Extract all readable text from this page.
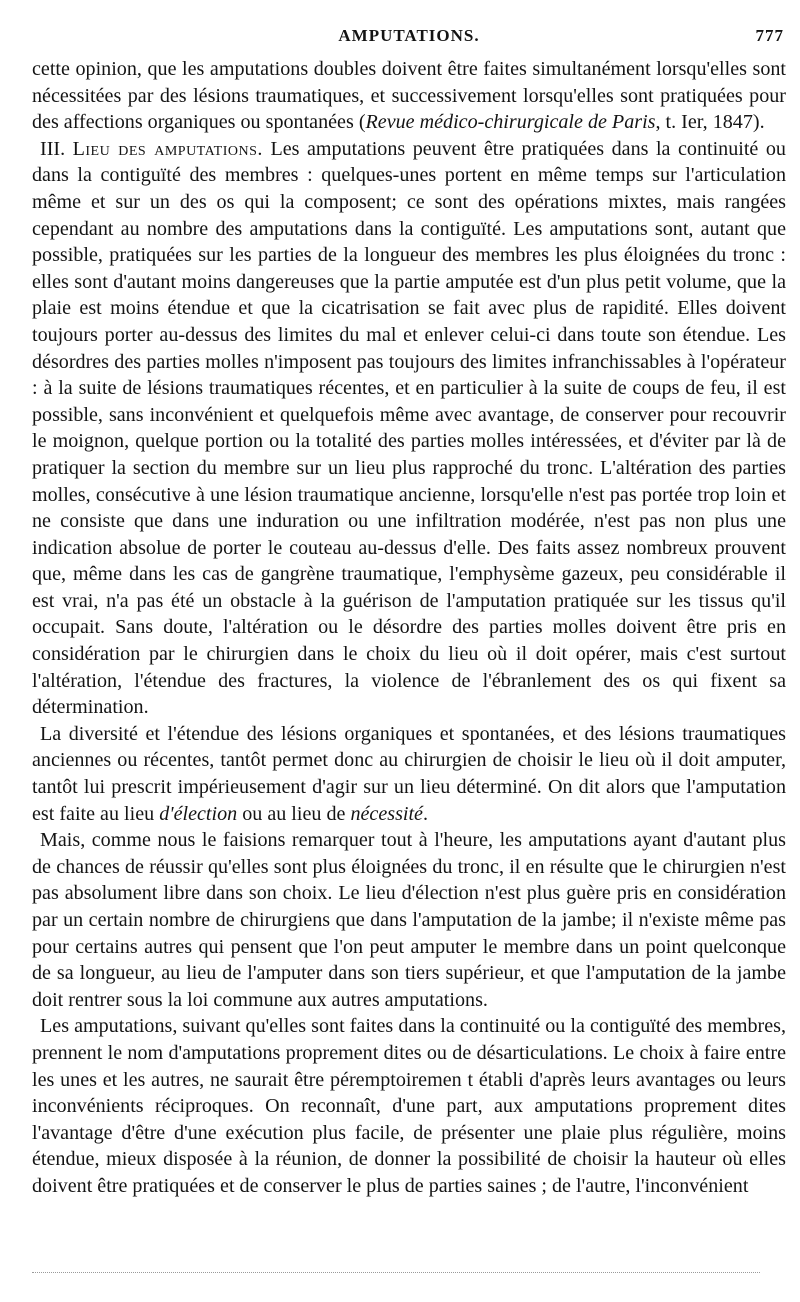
AMPUTATIONS.	777

cette opinion, que les amputations doubles doivent être faites simultanément lorsqu'elles sont nécessitées par des lésions traumatiques, et successivement lorsqu'elles sont pratiquées pour des affections organiques ou spontanées (Revue médico-chirurgicale de Paris, t. Ier, 1847).

III. Lieu des amputations. Les amputations peuvent être pratiquées dans la continuité ou dans la contiguïté des membres : quelques-unes portent en même temps sur l'articulation même et sur un des os qui la composent; ce sont des opérations mixtes, mais rangées cependant au nombre des amputations dans la contiguïté. Les amputations sont, autant que possible, pratiquées sur les parties de la longueur des membres les plus éloignées du tronc : elles sont d'autant moins dangereuses que la partie amputée est d'un plus petit volume, que la plaie est moins étendue et que la cicatrisation se fait avec plus de rapidité. Elles doivent toujours porter au-dessus des limites du mal et enlever celui-ci dans toute son étendue. Les désordres des parties molles n'imposent pas toujours des limites infranchissables à l'opérateur : à la suite de lésions traumatiques récentes, et en particulier à la suite de coups de feu, il est possible, sans inconvénient et quelquefois même avec avantage, de conserver pour recouvrir le moignon, quelque portion ou la totalité des parties molles intéressées, et d'éviter par là de pratiquer la section du membre sur un lieu plus rapproché du tronc. L'altération des parties molles, consécutive à une lésion traumatique ancienne, lorsqu'elle n'est pas portée trop loin et ne consiste que dans une induration ou une infiltration modérée, n'est pas non plus une indication absolue de porter le couteau au-dessus d'elle. Des faits assez nombreux prouvent que, même dans les cas de gangrène traumatique, l'emphysème gazeux, peu considérable il est vrai, n'a pas été un obstacle à la guérison de l'amputation pratiquée sur les tissus qu'il occupait. Sans doute, l'altération ou le désordre des parties molles doivent être pris en considération par le chirurgien dans le choix du lieu où il doit opérer, mais c'est surtout l'altération, l'étendue des fractures, la violence de l'ébranlement des os qui fixent sa détermination.

La diversité et l'étendue des lésions organiques et spontanées, et des lésions traumatiques anciennes ou récentes, tantôt permet donc au chirurgien de choisir le lieu où il doit amputer, tantôt lui prescrit impérieusement d'agir sur un lieu déterminé. On dit alors que l'amputation est faite au lieu d'élection ou au lieu de nécessité.

Mais, comme nous le faisions remarquer tout à l'heure, les amputations ayant d'autant plus de chances de réussir qu'elles sont plus éloignées du tronc, il en résulte que le chirurgien n'est pas absolument libre dans son choix. Le lieu d'élection n'est plus guère pris en considération par un certain nombre de chirurgiens que dans l'amputation de la jambe; il n'existe même pas pour certains autres qui pensent que l'on peut amputer le membre dans un point quelconque de sa longueur, au lieu de l'amputer dans son tiers supérieur, et que l'amputation de la jambe doit rentrer sous la loi commune aux autres amputations.

Les amputations, suivant qu'elles sont faites dans la continuité ou la contiguïté des membres, prennent le nom d'amputations proprement dites ou de désarticulations. Le choix à faire entre les unes et les autres, ne saurait être péremptoiremen t établi d'après leurs avantages ou leurs inconvénients réciproques. On reconnaît, d'une part, aux amputations proprement dites l'avantage d'être d'une exécution plus facile, de présenter une plaie plus régulière, moins étendue, mieux disposée à la réunion, de donner la possibilité de choisir la hauteur où elles doivent être pratiquées et de conserver le plus de parties saines ; de l'autre, l'inconvénient
